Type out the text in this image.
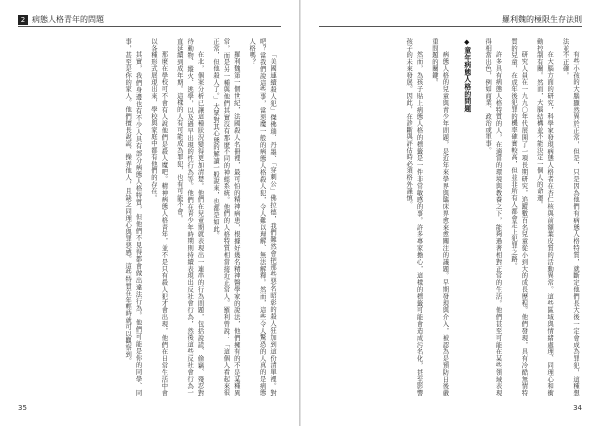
2 病態人格青年的問題

「美國連續殺人犯」傑佛瑞．丹墨、「穿刺公」佛拉德，我們難然會把那些惡名昭彰的殺人狂加到這份清單裡。對吧？當我們說這些事，當惡魔一般的病態人格殺人犯，令人難以理解、無法解釋。然而，這些令人驚恐的人真的是病態人格嗎？

羅利魏第一個世紀，法國殺人名冊裡，最可怕的精神病患，根據好幾名精神醫學家的說法，他們擁有的不是某種異常，而是另一種與他們其實沒有那麼不同的神經系統。他們的人格特質相當接近正常人。羅利曾說：「這個人看起來很正常，但他殺人了。」大眾對其心態的解讀一般說來，也都是如此。

在北，個案分析已讓這種狀況變得更加清楚。他們在兒童期就表現出一連串的行為問題，包括說謊、偷竊、殘忍對待動物、縱火、逃學，以及過早出現的性行為等。他們在青少年時期則持續表現出反社會行為，然後這些反社會行為一直延續到成年期。這樣的人有可能成為罪犯，也有可能不會。

那麼在學校可不會有人說他們是殺人魔吧。精神病態人格青年，並不是只有殺人犯才會出現，他們在日常生活中會以各種形式展現出來，學校與家庭中都有他們的存在。

其實，我們身邊也有不少人具有部分病態人格特質，但他們不見得都會做出違法行為。他們可能是你的同學、同事，甚至是你的家人。他們擅長說謊、操弄他人，且缺乏同理心與罪惡感。這些特質在年輕時就可以觀察到。

35
羅利魏的極限生存法則

有些小孩的大腦顯然異於正常，但是，只是因為他們有病態人格特質，就斷定他們長大後一定會成為罪犯，這種想法並不正確。

在大腦方面的研究，科學家發現病態人格者在杏仁核與前額葉皮質的活動異常。這些區域與情緒處理、同理心和衝動控制有關。然而，大腦結構並不能決定一個人的命運。

研究人員在一九九〇年代展開了一項長期研究，追蹤數百名兒童從小到大的成長歷程。他們發現，具有冷酷無情特質的兒童，在成年後犯罪的機率確實較高，但並非所有人都會走上犯罪之路。

許多具有病態人格特質的人，在適當的環境與教養之下，能夠過著相對正常的生活。他們甚至可能在某些領域表現得相當出色，例如商業、政治或軍事。

◆童年病態人格的問題

病態人格的兒童與青少年問題，是近年來學界與臨床界愈來愈關注的議題。早期發現與介入，被認為是預防日後嚴重問題的關鍵。

然而，為孩子貼上病態人格的標籤是一件非常敏感的事。許多專家擔心，這樣的標籤可能會造成污名化，甚至影響孩子的未來發展。因此，在診斷與評估時必須格外謹慎。

34
